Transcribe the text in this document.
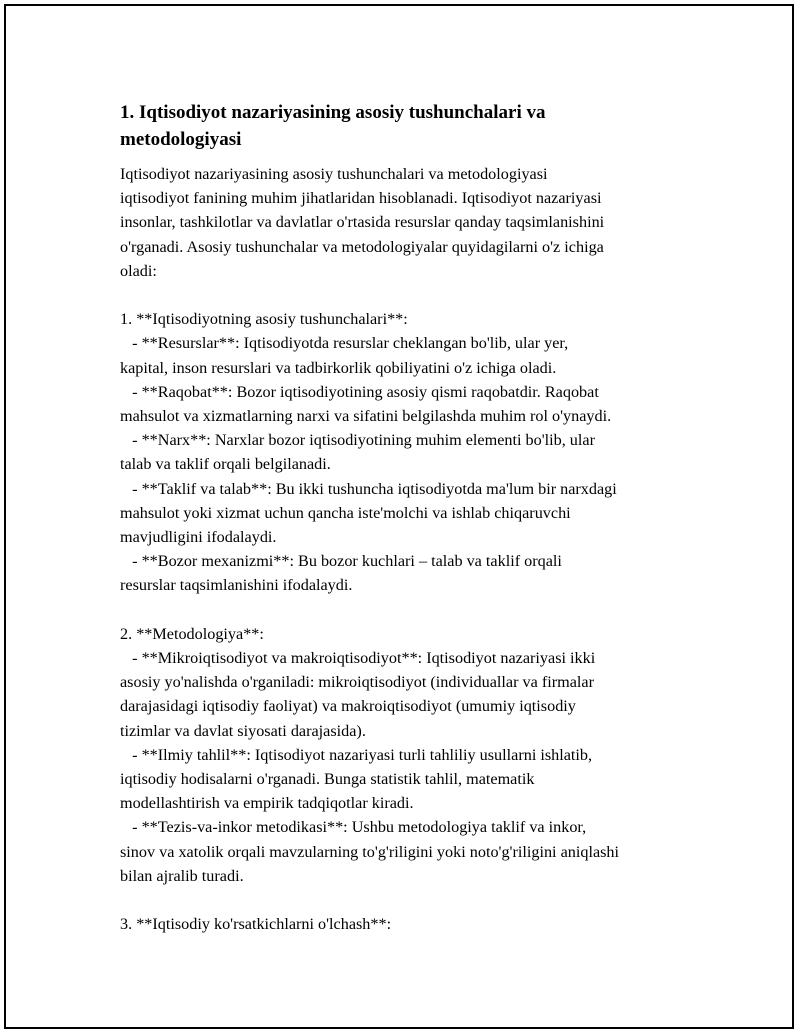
1. Iqtisodiyot nazariyasining asosiy tushunchalari va
metodologiyasi

Iqtisodiyot nazariyasining asosiy tushunchalari va metodologiyasi
iqtisodiyot fanining muhim jihatlaridan hisoblanadi. Iqtisodiyot nazariyasi
insonlar, tashkilotlar va davlatlar o'rtasida resurslar qanday taqsimlanishini
o'rganadi. Asosiy tushunchalar va metodologiyalar quyidagilarni o'z ichiga
oladi:

1. **Iqtisodiyotning asosiy tushunchalari**:
- **Resurslar**: Iqtisodiyotda resurslar cheklangan bo'lib, ular yer,
kapital, inson resurslari va tadbirkorlik qobiliyatini o'z ichiga oladi.
- **Raqobat**: Bozor iqtisodiyotining asosiy qismi raqobatdir. Raqobat
mahsulot va xizmatlarning narxi va sifatini belgilashda muhim rol o'ynaydi.
- **Narx**: Narxlar bozor iqtisodiyotining muhim elementi bo'lib, ular
talab va taklif orqali belgilanadi.
- **Taklif va talab**: Bu ikki tushuncha iqtisodiyotda ma'lum bir narxdagi
mahsulot yoki xizmat uchun qancha iste'molchi va ishlab chiqaruvchi
mavjudligini ifodalaydi.
- **Bozor mexanizmi**: Bu bozor kuchlari – talab va taklif orqali
resurslar taqsimlanishini ifodalaydi.

2. **Metodologiya**:
- **Mikroiqtisodiyot va makroiqtisodiyot**: Iqtisodiyot nazariyasi ikki
asosiy yo'nalishda o'rganiladi: mikroiqtisodiyot (individuallar va firmalar
darajasidagi iqtisodiy faoliyat) va makroiqtisodiyot (umumiy iqtisodiy
tizimlar va davlat siyosati darajasida).
- **Ilmiy tahlil**: Iqtisodiyot nazariyasi turli tahliliy usullarni ishlatib,
iqtisodiy hodisalarni o'rganadi. Bunga statistik tahlil, matematik
modellashtirish va empirik tadqiqotlar kiradi.
- **Tezis-va-inkor metodikasi**: Ushbu metodologiya taklif va inkor,
sinov va xatolik orqali mavzularning to'g'riligini yoki noto'g'riligini aniqlashi
bilan ajralib turadi.

3. **Iqtisodiy ko'rsatkichlarni o'lchash**:
